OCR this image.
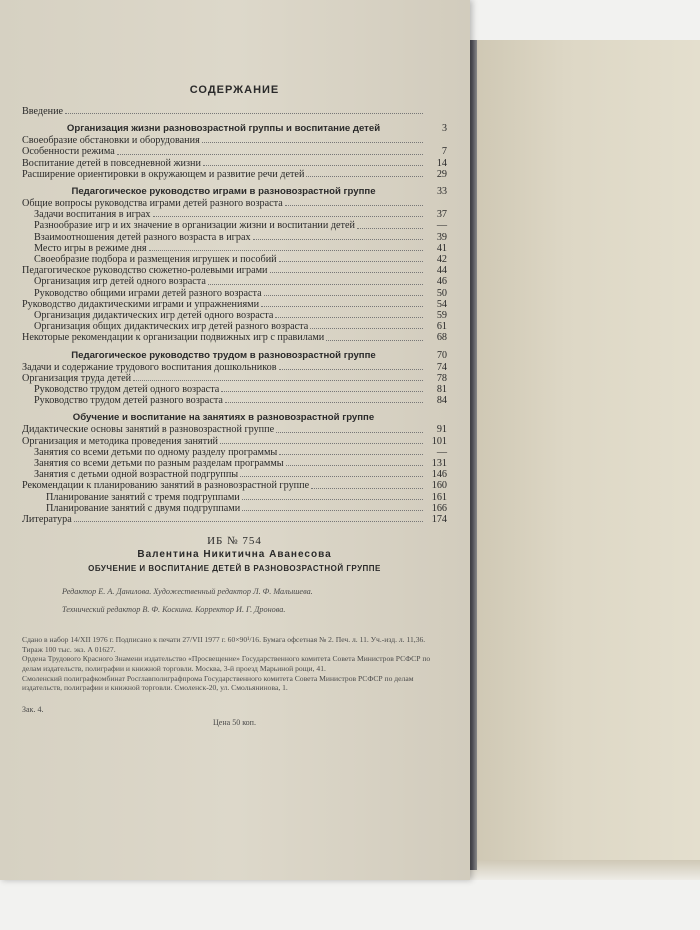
СОДЕРЖАНИЕ
Введение
Организация жизни разновозрастной группы и воспитание детей	3
Своеобразие обстановки и оборудования
Особенности режима	7
Воспитание детей в повседневной жизни	14
Расширение ориентировки в окружающем и развитие речи детей	29
Педагогическое руководство играми в разновозрастной группе	33
Общие вопросы руководства играми детей разного возраста
Задачи воспитания в играх	37
Разнообразие игр и их значение в организации жизни и воспитании детей	—
Взаимоотношения детей разного возраста в играх	39
Место игры в режиме дня	41
Своеобразие подбора и размещения игрушек и пособий	42
Педагогическое руководство сюжетно-ролевыми играми	44
Организация игр детей одного возраста	46
Руководство общими играми детей разного возраста	50
Руководство дидактическими играми и упражнениями	54
Организация дидактических игр детей одного возраста	59
Организация общих дидактических игр детей разного возраста	61
Некоторые рекомендации к организации подвижных игр с правилами	68
Педагогическое руководство трудом в разновозрастной группе	70
Задачи и содержание трудового воспитания дошкольников	74
Организация труда детей	78
Руководство трудом детей одного возраста	81
Руководство трудом детей разного возраста	84
Обучение и воспитание на занятиях в разновозрастной группе
Дидактические основы занятий в разновозрастной группе	91
Организация и методика проведения занятий	101
Занятия со всеми детьми по одному разделу программы	—
Занятия со всеми детьми по разным разделам программы	131
Занятия с детьми одной возрастной подгруппы	146
Рекомендации к планированию занятий в разновозрастной группе	160
Планирование занятий с тремя подгруппами	161
Планирование занятий с двумя подгруппами	166
Литература	174
ИБ № 754
Валентина Никитична Аванесова
ОБУЧЕНИЕ И ВОСПИТАНИЕ ДЕТЕЙ В РАЗНОВОЗРАСТНОЙ ГРУППЕ
Редактор Е. А. Данилова. Художественный редактор Л. Ф. Малышева.
Технический редактор В. Ф. Коскина. Корректор И. Г. Дронова.

Сдано в набор 14/XII 1976 г. Подписано к печати 27/VII 1977 г. 60×90¹/16. Бумага офсетная № 2. Печ. л. 11. Уч.-изд. л. 11,36. Тираж 100 тыс. экз. А 01627.

Ордена Трудового Красного Знамени издательство «Просвещение» Государственного комитета Совета Министров РСФСР по делам издательств, полиграфии и книжной торговли. Москва, 3-й проезд Марьиной рощи, 41.

Смоленский полиграфкомбинат Росглавполиграфпрома Государственного комитета Совета Министров РСФСР по делам издательств, полиграфии и книжной торговли. Смоленск-20, ул. Смольянинова, 1.

Зак. 4.
Цена 50 коп.
